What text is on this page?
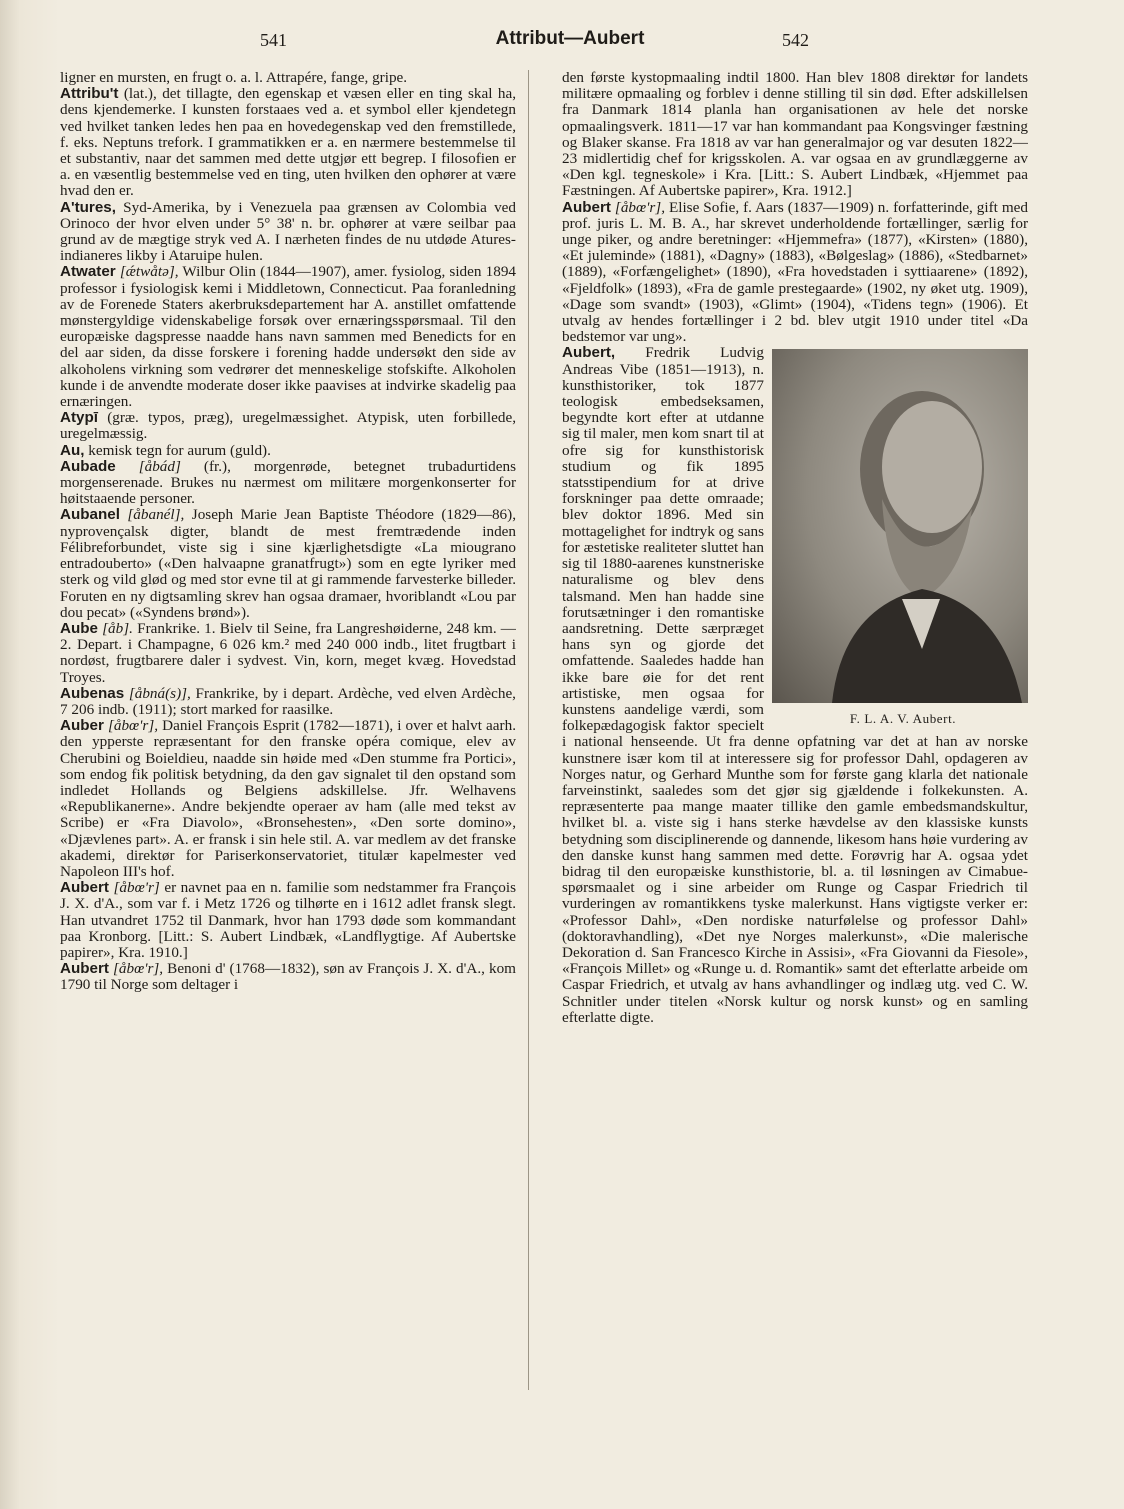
541	Attribut—Aubert	542

ligner en mursten, en frugt o. a. l. Attrapére, fange, gripe.

Attribu't (lat.), det tillagte, den egenskap et væsen eller en ting skal ha, dens kjendemerke. I kunsten forstaaes ved a. et symbol eller kjendetegn ved hvilket tanken ledes hen paa en hovedegenskap ved den fremstillede, f. eks. Neptuns trefork. I grammatikken er a. en nærmere bestemmelse til et substantiv, naar det sammen med dette utgjør ett begrep. I filosofien er a. en væsentlig bestemmelse ved en ting, uten hvilken den ophører at være hvad den er.

A'tures, Syd-Amerika, by i Venezuela paa grænsen av Colombia ved Orinoco der hvor elven under 5° 38' n. br. ophører at være seilbar paa grund av de mægtige stryk ved A. I nærheten findes de nu utdøde Atures-indianeres likby i Ataruipe hulen.

Atwater [ǽtwåtə], Wilbur Olin (1844—1907), amer. fysiolog, siden 1894 professor i fysiologisk kemi i Middletown, Connecticut. Paa foranledning av de Forenede Staters akerbruksdepartement har A. anstillet omfattende mønstergyldige videnskabelige forsøk over ernæringsspørsmaal. Til den europæiske dagspresse naadde hans navn sammen med Benedicts for en del aar siden, da disse forskere i forening hadde undersøkt den side av alkoholens virkning som vedrører det menneskelige stofskifte. Alkoholen kunde i de anvendte moderate doser ikke paavises at indvirke skadelig paa ernæringen.

Atypī (græ. typos, præg), uregelmæssighet. Atypisk, uten forbillede, uregelmæssig.

Au, kemisk tegn for aurum (guld).

Aubade [åbád] (fr.), morgenrøde, betegnet trubadurtidens morgenserenade. Brukes nu nærmest om militære morgenkonserter for høitstaaende personer.

Aubanel [åbanél], Joseph Marie Jean Baptiste Théodore (1829—86), nyprovençalsk digter, blandt de mest fremtrædende inden Félibreforbundet, viste sig i sine kjærlighetsdigte «La miougrano entradouberto» («Den halvaapne granatfrugt») som en egte lyriker med sterk og vild glød og med stor evne til at gi rammende farvesterke billeder. Foruten en ny digtsamling skrev han ogsaa dramaer, hvoriblandt «Lou par dou pecat» («Syndens brønd»).

Aube [åb]. Frankrike. 1. Bielv til Seine, fra Langreshøiderne, 248 km. — 2. Depart. i Champagne, 6 026 km.² med 240 000 indb., litet frugtbart i nordøst, frugtbarere daler i sydvest. Vin, korn, meget kvæg. Hovedstad Troyes.

Aubenas [åbná(s)], Frankrike, by i depart. Ardèche, ved elven Ardèche, 7 206 indb. (1911); stort marked for raasilke.

Auber [åbœ'r], Daniel François Esprit (1782—1871), i over et halvt aarh. den ypperste repræsentant for den franske opéra comique, elev av Cherubini og Boieldieu, naadde sin høide med «Den stumme fra Portici», som endog fik politisk betydning, da den gav signalet til den opstand som indledet Hollands og Belgiens adskillelse. Jfr. Welhavens «Republikanerne». Andre bekjendte operaer av ham (alle med tekst av Scribe) er «Fra Diavolo», «Bronsehesten», «Den sorte domino», «Djævlenes part». A. er fransk i sin hele stil. A. var medlem av det franske akademi, direktør for Pariserkonservatoriet, titulær kapelmester ved Napoleon III's hof.

Aubert [åbœ'r] er navnet paa en n. familie som nedstammer fra François J. X. d'A., som var f. i Metz 1726 og tilhørte en i 1612 adlet fransk slegt. Han utvandret 1752 til Danmark, hvor han 1793 døde som kommandant paa Kronborg. [Litt.: S. Aubert Lindbæk, «Landflygtige. Af Aubertske papirer», Kra. 1910.]

Aubert [åbœ'r], Benoni d' (1768—1832), søn av François J. X. d'A., kom 1790 til Norge som deltager i

den første kystopmaaling indtil 1800. Han blev 1808 direktør for landets militære opmaaling og forblev i denne stilling til sin død. Efter adskillelsen fra Danmark 1814 planla han organisationen av hele det norske opmaalingsverk. 1811—17 var han kommandant paa Kongsvinger fæstning og Blaker skanse. Fra 1818 av var han generalmajor og var desuten 1822—23 midlertidig chef for krigsskolen. A. var ogsaa en av grundlæggerne av «Den kgl. tegneskole» i Kra. [Litt.: S. Aubert Lindbæk, «Hjemmet paa Fæstningen. Af Aubertske papirer», Kra. 1912.]

Aubert [åbœ'r], Elise Sofie, f. Aars (1837—1909) n. forfatterinde, gift med prof. juris L. M. B. A., har skrevet underholdende fortællinger, særlig for unge piker, og andre beretninger: «Hjemmefra» (1877), «Kirsten» (1880), «Et juleminde» (1881), «Dagny» (1883), «Bølgeslag» (1886), «Stedbarnet» (1889), «Forfængelighet» (1890), «Fra hovedstaden i syttiaarene» (1892), «Fjeldfolk» (1893), «Fra de gamle prestegaarde» (1902, ny øket utg. 1909), «Dage som svandt» (1903), «Glimt» (1904), «Tidens tegn» (1906). Et utvalg av hendes fortællinger i 2 bd. blev utgit 1910 under titel «Da bedstemor var ung».

F. L. A. V. Aubert.
Aubert, Fredrik Ludvig Andreas Vibe (1851—1913), n. kunsthistoriker, tok 1877 teologisk embedseksamen, begyndte kort efter at utdanne sig til maler, men kom snart til at ofre sig for kunsthistorisk studium og fik 1895 statsstipendium for at drive forskninger paa dette omraade; blev doktor 1896. Med sin mottagelighet for indtryk og sans for æstetiske realiteter sluttet han sig til 1880-aarenes kunstneriske naturalisme og blev dens talsmand. Men han hadde sine forutsætninger i den romantiske aandsretning. Dette særpræget hans syn og gjorde det omfattende. Saaledes hadde han ikke bare øie for det rent artistiske, men ogsaa for kunstens aandelige værdi, som folkepædagogisk faktor specielt i national henseende. Ut fra denne opfatning var det at han av norske kunstnere især kom til at interessere sig for professor Dahl, opdageren av Norges natur, og Gerhard Munthe som for første gang klarla det nationale farveinstinkt, saaledes som det gjør sig gjældende i folkekunsten. A. repræsenterte paa mange maater tillike den gamle embedsmandskultur, hvilket bl. a. viste sig i hans sterke hævdelse av den klassiske kunsts betydning som disciplinerende og dannende, likesom hans høie vurdering av den danske kunst hang sammen med dette. Forøvrig har A. ogsaa ydet bidrag til den europæiske kunsthistorie, bl. a. til løsningen av Cimabue-spørsmaalet og i sine arbeider om Runge og Caspar Friedrich til vurderingen av romantikkens tyske malerkunst. Hans vigtigste verker er: «Professor Dahl», «Den nordiske naturfølelse og professor Dahl» (doktoravhandling), «Det nye Norges malerkunst», «Die malerische Dekoration d. San Francesco Kirche in Assisi», «Fra Giovanni da Fiesole», «François Millet» og «Runge u. d. Romantik» samt det efterlatte arbeide om Caspar Friedrich, et utvalg av hans avhandlinger og indlæg utg. ved C. W. Schnitler under titelen «Norsk kultur og norsk kunst» og en samling efterlatte digte.
